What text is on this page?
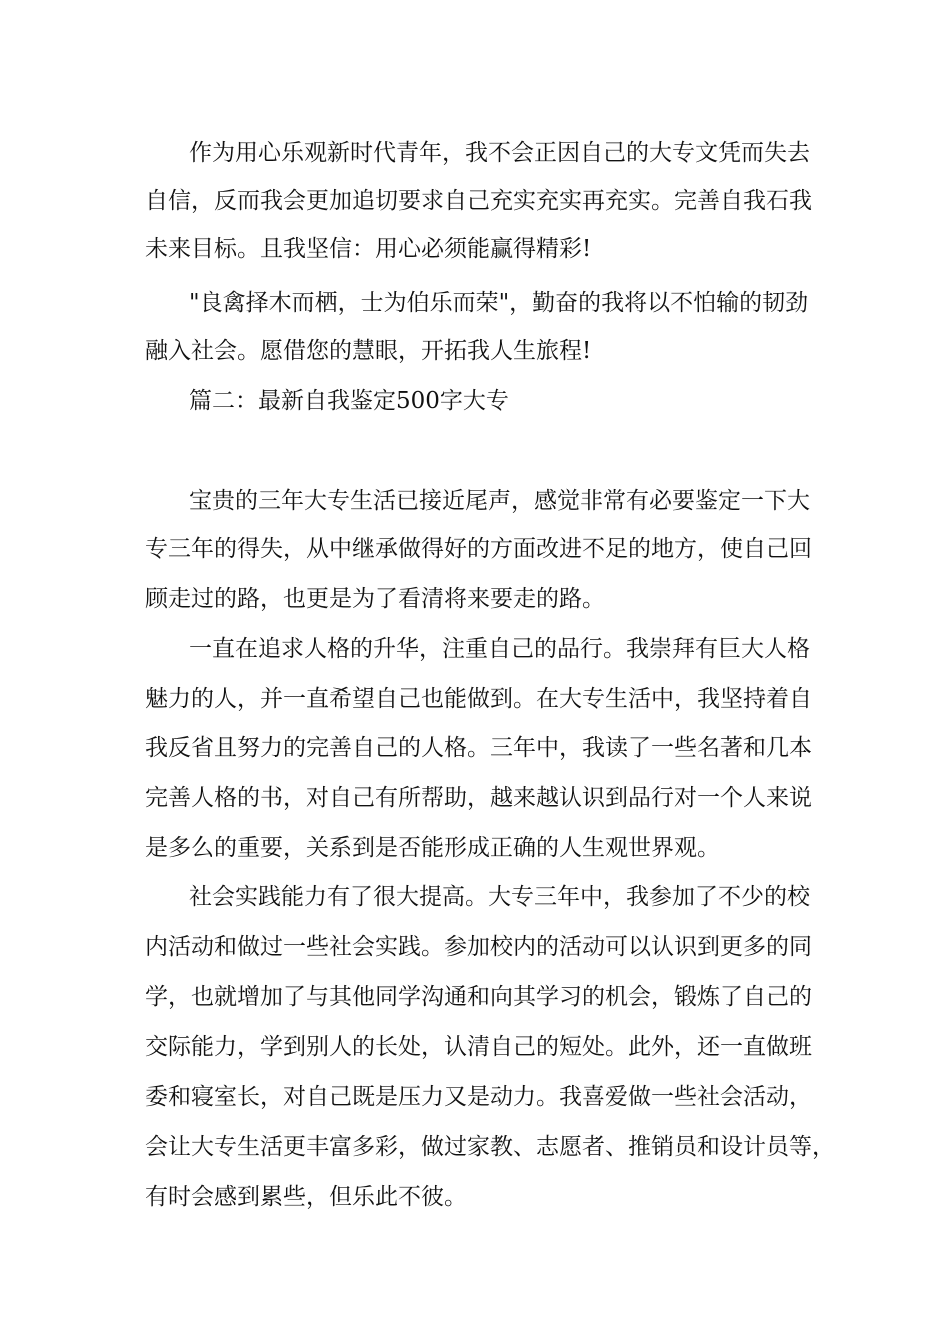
作为用心乐观新时代青年，我不会正因自己的大专文凭而失去
自信，反而我会更加追切要求自己充实充实再充实。完善自我石我
未来目标。且我坚信：用心必须能赢得精彩!
"良禽择木而栖，士为伯乐而荣"，勤奋的我将以不怕输的韧劲
融入社会。愿借您的慧眼，开拓我人生旅程!
篇二：最新自我鉴定500字大专
宝贵的三年大专生活已接近尾声，感觉非常有必要鉴定一下大
专三年的得失，从中继承做得好的方面改进不足的地方，使自己回
顾走过的路，也更是为了看清将来要走的路。
一直在追求人格的升华，注重自己的品行。我崇拜有巨大人格
魅力的人，并一直希望自己也能做到。在大专生活中，我坚持着自
我反省且努力的完善自己的人格。三年中，我读了一些名著和几本
完善人格的书，对自己有所帮助，越来越认识到品行对一个人来说
是多么的重要，关系到是否能形成正确的人生观世界观。
社会实践能力有了很大提高。大专三年中，我参加了不少的校
内活动和做过一些社会实践。参加校内的活动可以认识到更多的同
学，也就增加了与其他同学沟通和向其学习的机会，锻炼了自己的
交际能力，学到别人的长处，认清自己的短处。此外，还一直做班
委和寝室长，对自己既是压力又是动力。我喜爱做一些社会活动，
会让大专生活更丰富多彩，做过家教、志愿者、推销员和设计员等，
有时会感到累些，但乐此不彼。
